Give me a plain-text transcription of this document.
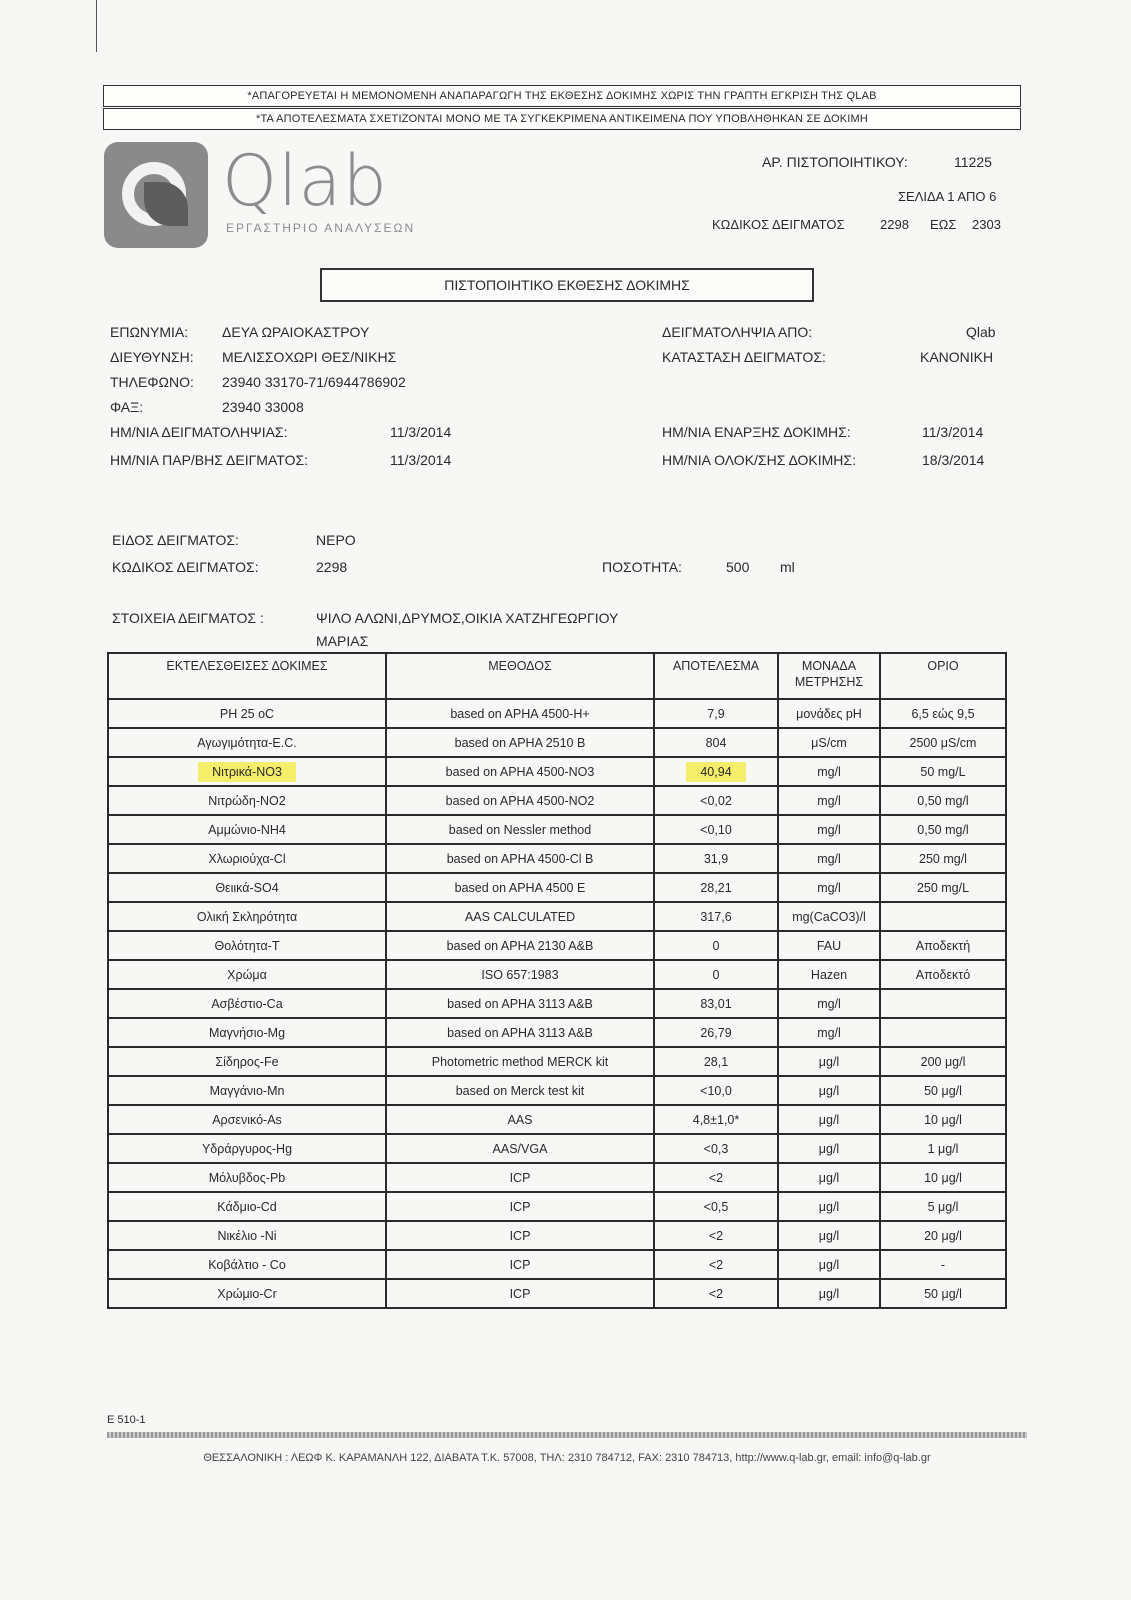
*ΑΠΑΓΟΡΕΥΕΤΑΙ Η ΜΕΜΟΝΟΜΕΝΗ ΑΝΑΠΑΡΑΓΩΓΗ ΤΗΣ ΕΚΘΕΣΗΣ ΔΟΚΙΜΗΣ ΧΩΡΙΣ ΤΗΝ ΓΡΑΠΤΗ ΕΓΚΡΙΣΗ ΤΗΣ QLAB
*ΤΑ ΑΠΟΤΕΛΕΣΜΑΤΑ ΣΧΕΤΙΖΟΝΤΑΙ ΜΟΝΟ ΜΕ ΤΑ ΣΥΓΚΕΚΡΙΜΕΝΑ ΑΝΤΙΚΕΙΜΕΝΑ ΠΟΥ ΥΠΟΒΛΗΘΗΚΑΝ ΣΕ ΔΟΚΙΜΗ
Qlab
ΕΡΓΑΣΤΗΡΙΟ ΑΝΑΛΥΣΕΩΝ
ΑΡ. ΠΙΣΤΟΠΟΙΗΤΙΚΟΥ:	11225
ΣΕΛΙΔΑ 1 ΑΠΟ 6
ΚΩΔΙΚΟΣ ΔΕΙΓΜΑΤΟΣ	2298 ΕΩΣ 2303
ΠΙΣΤΟΠΟΙΗΤΙΚΟ ΕΚΘΕΣΗΣ ΔΟΚΙΜΗΣ
ΕΠΩΝΥΜΙΑ: ΔΕΥΑ ΩΡΑΙΟΚΑΣΤΡΟΥ
ΔΙΕΥΘΥΝΣΗ: ΜΕΛΙΣΣΟΧΩΡΙ ΘΕΣ/ΝΙΚΗΣ
ΤΗΛΕΦΩΝΟ: 23940 33170-71/6944786902
ΦΑΞ:	23940 33008
ΗΜ/ΝΙΑ ΔΕΙΓΜΑΤΟΛΗΨΙΑΣ:	11/3/2014
ΗΜ/ΝΙΑ ΠΑΡ/ΒΗΣ ΔΕΙΓΜΑΤΟΣ:	11/3/2014
ΔΕΙΓΜΑΤΟΛΗΨΙΑ ΑΠΟ:	Qlab
ΚΑΤΑΣΤΑΣΗ ΔΕΙΓΜΑΤΟΣ:	ΚΑΝΟΝΙΚΗ
ΗΜ/ΝΙΑ ΕΝΑΡΞΗΣ ΔΟΚΙΜΗΣ:	11/3/2014
ΗΜ/ΝΙΑ ΟΛΟΚ/ΣΗΣ ΔΟΚΙΜΗΣ:	18/3/2014
ΕΙΔΟΣ ΔΕΙΓΜΑΤΟΣ:	ΝΕΡΟ
ΚΩΔΙΚΟΣ ΔΕΙΓΜΑΤΟΣ:	2298	ΠΟΣΟΤΗΤΑ:	500 ml
ΣΤΟΙΧΕΙΑ ΔΕΙΓΜΑΤΟΣ :	ΨΙΛΟ ΑΛΩΝΙ,ΔΡΥΜΟΣ,ΟΙΚΙΑ ΧΑΤΖΗΓΕΩΡΓΙΟΥ
ΜΑΡΙΑΣ
ΕΚΤΕΛΕΣΘΕΙΣΕΣ ΔΟΚΙΜΕΣ	ΜΕΘΟΔΟΣ	ΑΠΟΤΕΛΕΣΜΑ	ΜΟΝΑΔΑ ΜΕΤΡΗΣΗΣ	ΟΡΙΟ
PH 25 oC	based on APHA 4500-H+	7,9	μονάδες pH	6,5 εώς 9,5
Αγωγιμότητα-E.C.	based on APHA 2510 B	804	μS/cm	2500 μS/cm
Νιτρικά-NO3	based on APHA 4500-NO3	40,94	mg/l	50 mg/L
Νιτρώδη-NO2	based on APHA 4500-NO2	<0,02	mg/l	0,50 mg/l
Αμμώνιο-NH4	based on Nessler method	<0,10	mg/l	0,50 mg/l
Χλωριούχα-Cl	based on APHA 4500-Cl B	31,9	mg/l	250 mg/l
Θειικά-SO4	based on APHA 4500 E	28,21	mg/l	250 mg/L
Ολική Σκληρότητα	AAS CALCULATED	317,6	mg(CaCO3)/l	
Θολότητα-T	based on APHA 2130 A&B	0	FAU	Αποδεκτή
Χρώμα	ISO 657:1983	0	Hazen	Αποδεκτό
Ασβέστιο-Ca	based on APHA 3113 A&B	83,01	mg/l	
Μαγνήσιο-Mg	based on APHA 3113 A&B	26,79	mg/l	
Σίδηρος-Fe	Photometric method MERCK kit	28,1	μg/l	200 μg/l
Μαγγάνιο-Mn	based on Merck test kit	<10,0	μg/l	50 μg/l
Αρσενικό-As	AAS	4,8±1,0*	μg/l	10 μg/l
Υδράργυρος-Hg	AAS/VGA	<0,3	μg/l	1 μg/l
Μόλυβδος-Pb	ICP	<2	μg/l	10 μg/l
Κάδμιο-Cd	ICP	<0,5	μg/l	5 μg/l
Νικέλιο -Ni	ICP	<2	μg/l	20 μg/l
Κοβάλτιο - Co	ICP	<2	μg/l	-
Χρώμιο-Cr	ICP	<2	μg/l	50 μg/l
E 510-1
ΘΕΣΣΑΛΟΝΙΚΗ : ΛΕΩΦ Κ. ΚΑΡΑΜΑΝΛΗ 122, ΔΙΑΒΑΤΑ Τ.Κ. 57008, ΤΗΛ: 2310 784712, FAX: 2310 784713, http://www.q-lab.gr, email: info@q-lab.gr
